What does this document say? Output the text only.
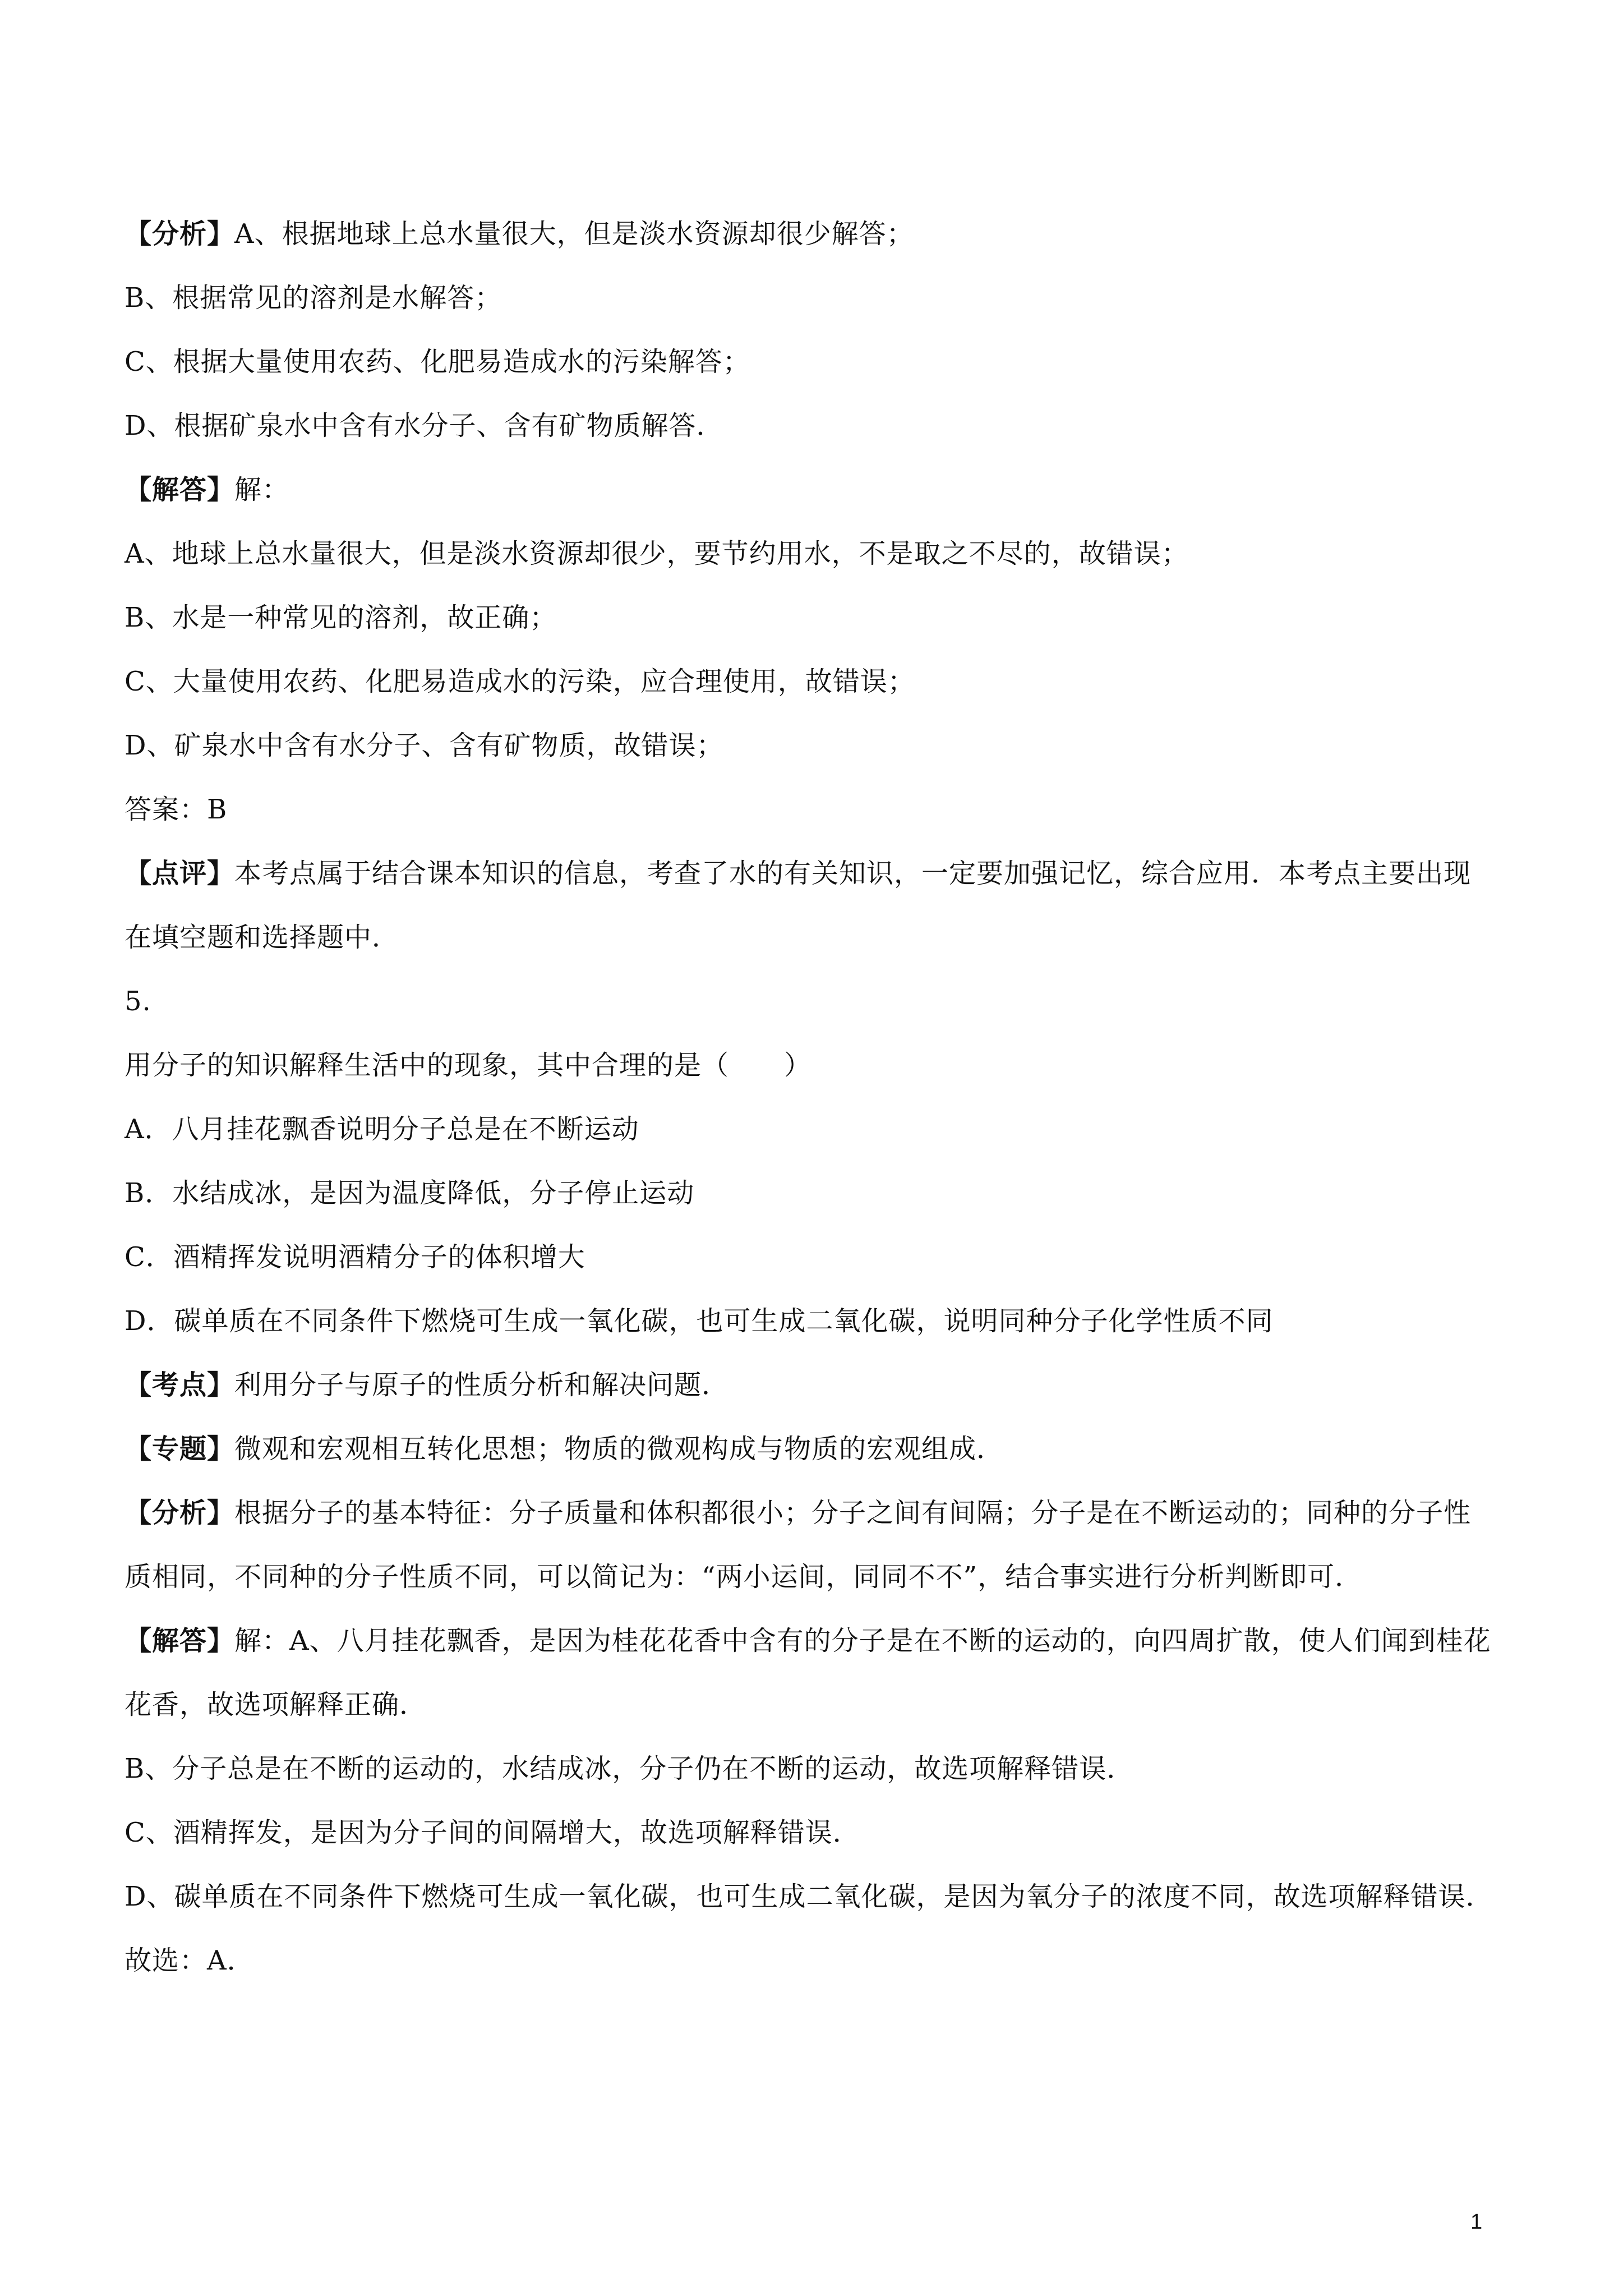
【分析】A、根据地球上总水量很大，但是淡水资源却很少解答；

B、根据常见的溶剂是水解答；

C、根据大量使用农药、化肥易造成水的污染解答；

D、根据矿泉水中含有水分子、含有矿物质解答．

【解答】解：

A、地球上总水量很大，但是淡水资源却很少，要节约用水，不是取之不尽的，故错误；

B、水是一种常见的溶剂，故正确；

C、大量使用农药、化肥易造成水的污染，应合理使用，故错误；

D、矿泉水中含有水分子、含有矿物质，故错误；

答案：B

【点评】本考点属于结合课本知识的信息，考查了水的有关知识，一定要加强记忆，综合应用．本考点主要出现在填空题和选择题中．

5.

用分子的知识解释生活中的现象，其中合理的是（　　）

A．八月挂花飘香说明分子总是在不断运动

B．水结成冰，是因为温度降低，分子停止运动

C．酒精挥发说明酒精分子的体积增大

D．碳单质在不同条件下燃烧可生成一氧化碳，也可生成二氧化碳，说明同种分子化学性质不同

【考点】利用分子与原子的性质分析和解决问题．

【专题】微观和宏观相互转化思想；物质的微观构成与物质的宏观组成．

【分析】根据分子的基本特征：分子质量和体积都很小；分子之间有间隔；分子是在不断运动的；同种的分子性质相同，不同种的分子性质不同，可以简记为：“两小运间，同同不不”，结合事实进行分析判断即可．

【解答】解：A、八月挂花飘香，是因为桂花花香中含有的分子是在不断的运动的，向四周扩散，使人们闻到桂花花香，故选项解释正确．

B、分子总是在不断的运动的，水结成冰，分子仍在不断的运动，故选项解释错误．

C、酒精挥发，是因为分子间的间隔增大，故选项解释错误．

D、碳单质在不同条件下燃烧可生成一氧化碳，也可生成二氧化碳，是因为氧分子的浓度不同，故选项解释错误．

故选：A．

1
